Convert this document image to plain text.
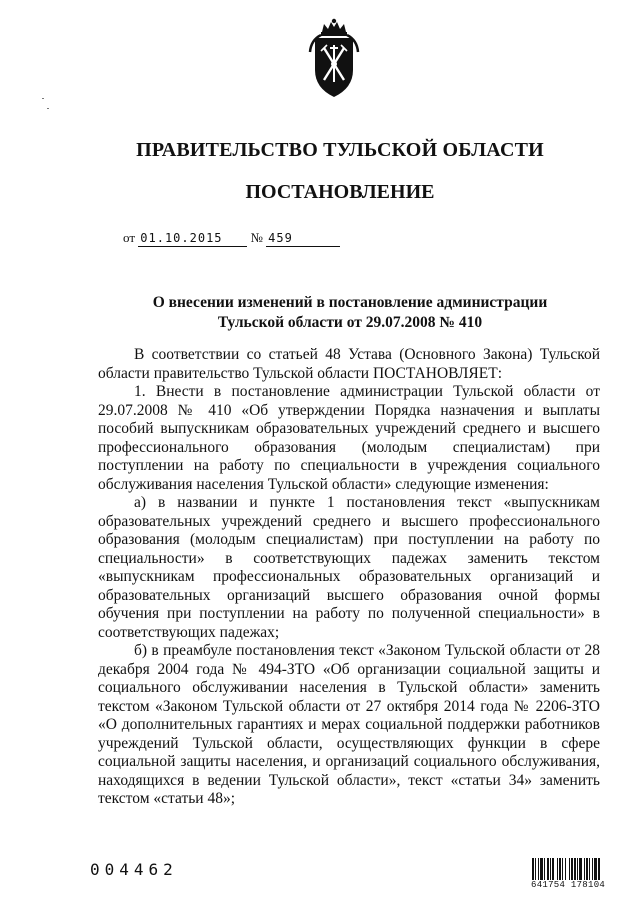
ПРАВИТЕЛЬСТВО ТУЛЬСКОЙ ОБЛАСТИ
ПОСТАНОВЛЕНИЕ
от 01.10.2015 № 459
О внесении изменений в постановление администрации
Тульской области от 29.07.2008 № 410

В соответствии со статьей 48 Устава (Основного Закона) Тульской области правительство Тульской области ПОСТАНОВЛЯЕТ:

1. Внести в постановление администрации Тульской области от 29.07.2008 № 410 «Об утверждении Порядка назначения и выплаты пособий выпускникам образовательных учреждений среднего и высшего профессионального образования (молодым специалистам) при поступлении на работу по специальности в учреждения социального обслуживания населения Тульской области» следующие изменения:

а) в названии и пункте 1 постановления текст «выпускникам образовательных учреждений среднего и высшего профессионального образования (молодым специалистам) при поступлении на работу по специальности» в соответствующих падежах заменить текстом «выпускникам профессиональных образовательных организаций и образовательных организаций высшего образования очной формы обучения при поступлении на работу по полученной специальности» в соответствующих падежах;

б) в преамбуле постановления текст «Законом Тульской области от 28 декабря 2004 года № 494-ЗТО «Об организации социальной защиты и социального обслуживании населения в Тульской области» заменить текстом «Законом Тульской области от 27 октября 2014 года № 2206-ЗТО «О дополнительных гарантиях и мерах социальной поддержки работников учреждений Тульской области, осуществляющих функции в сфере социальной защиты населения, и организаций социального обслуживания, находящихся в ведении Тульской области», текст «статьи 34» заменить текстом «статьи 48»;

004462
641754 178104
